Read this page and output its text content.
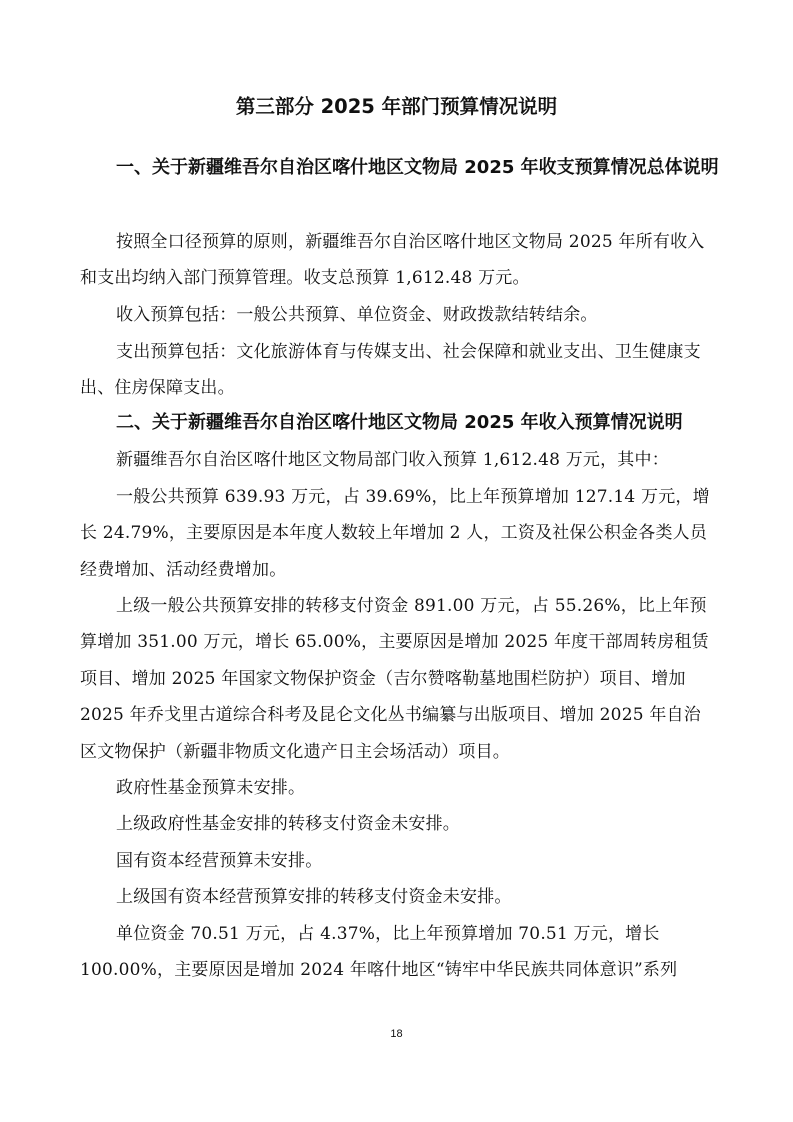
第三部分 2025 年部门预算情况说明
一、关于新疆维吾尔自治区喀什地区文物局 2025 年收支预算情况总体说明
按照全口径预算的原则，新疆维吾尔自治区喀什地区文物局 2025 年所有收入和支出均纳入部门预算管理。收支总预算 1,612.48 万元。
收入预算包括：一般公共预算、单位资金、财政拨款结转结余。
支出预算包括：文化旅游体育与传媒支出、社会保障和就业支出、卫生健康支出、住房保障支出。
二、关于新疆维吾尔自治区喀什地区文物局 2025 年收入预算情况说明
新疆维吾尔自治区喀什地区文物局部门收入预算 1,612.48 万元，其中：
一般公共预算 639.93 万元，占 39.69%，比上年预算增加 127.14 万元，增长 24.79%，主要原因是本年度人数较上年增加 2 人，工资及社保公积金各类人员经费增加、活动经费增加。
上级一般公共预算安排的转移支付资金 891.00 万元，占 55.26%，比上年预算增加 351.00 万元，增长 65.00%，主要原因是增加 2025 年度干部周转房租赁项目、增加 2025 年国家文物保护资金（吉尔赞喀勒墓地围栏防护）项目、增加 2025 年乔戈里古道综合科考及昆仑文化丛书编纂与出版项目、增加 2025 年自治区文物保护（新疆非物质文化遗产日主会场活动）项目。
政府性基金预算未安排。
上级政府性基金安排的转移支付资金未安排。
国有资本经营预算未安排。
上级国有资本经营预算安排的转移支付资金未安排。
单位资金 70.51 万元，占 4.37%，比上年预算增加 70.51 万元，增长 100.00%，主要原因是增加 2024 年喀什地区“铸牢中华民族共同体意识”系列
18
